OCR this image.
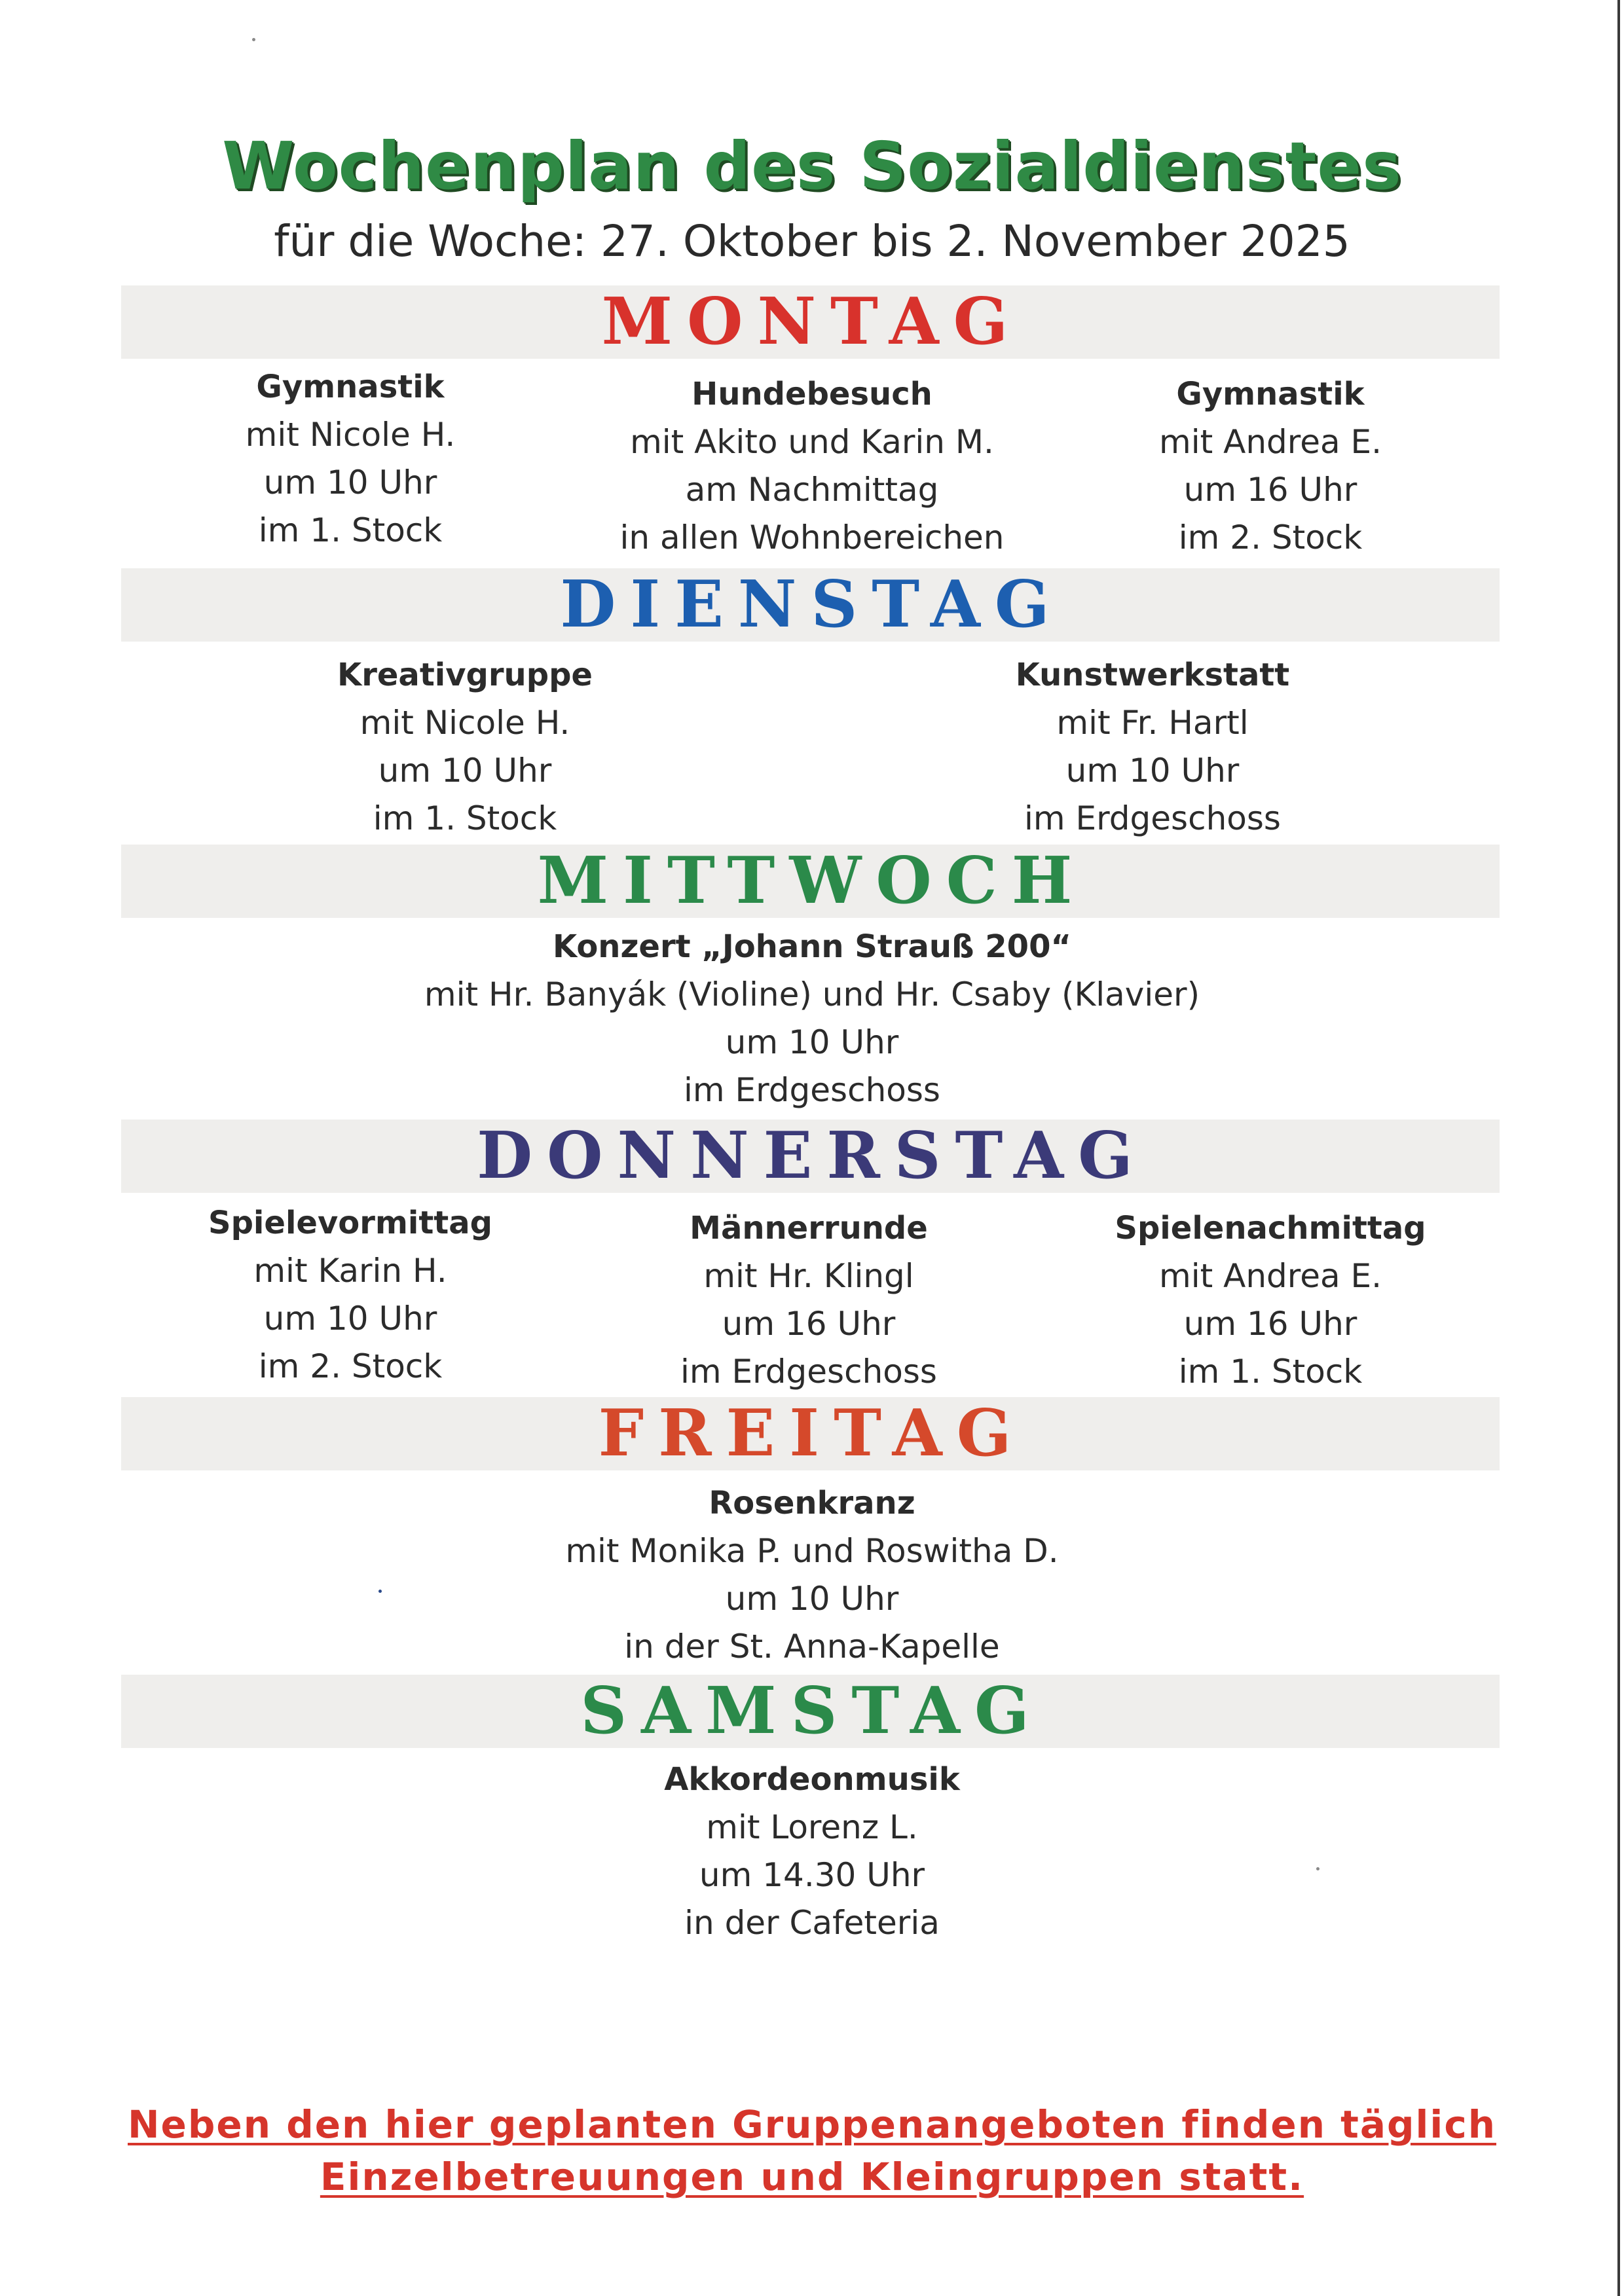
Wochenplan des Sozialdienstes
für die Woche: 27. Oktober bis 2. November 2025
MONTAG
Gymnastik
mit Nicole H.
um 10 Uhr
im 1. Stock
Hundebesuch
mit Akito und Karin M.
am Nachmittag
in allen Wohnbereichen
Gymnastik
mit Andrea E.
um 16 Uhr
im 2. Stock
DIENSTAG
Kreativgruppe
mit Nicole H.
um 10 Uhr
im 1. Stock
Kunstwerkstatt
mit Fr. Hartl
um 10 Uhr
im Erdgeschoss
MITTWOCH
Konzert „Johann Strauß 200“
mit Hr. Banyák (Violine) und Hr. Csaby (Klavier)
um 10 Uhr
im Erdgeschoss
DONNERSTAG
Spielevormittag
mit Karin H.
um 10 Uhr
im 2. Stock
Männerrunde
mit Hr. Klingl
um 16 Uhr
im Erdgeschoss
Spielenachmittag
mit Andrea E.
um 16 Uhr
im 1. Stock
FREITAG
Rosenkranz
mit Monika P. und Roswitha D.
um 10 Uhr
in der St. Anna-Kapelle
SAMSTAG
Akkordeonmusik
mit Lorenz L.
um 14.30 Uhr
in der Cafeteria
Neben den hier geplanten Gruppenangeboten finden täglich
Einzelbetreuungen und Kleingruppen statt.
